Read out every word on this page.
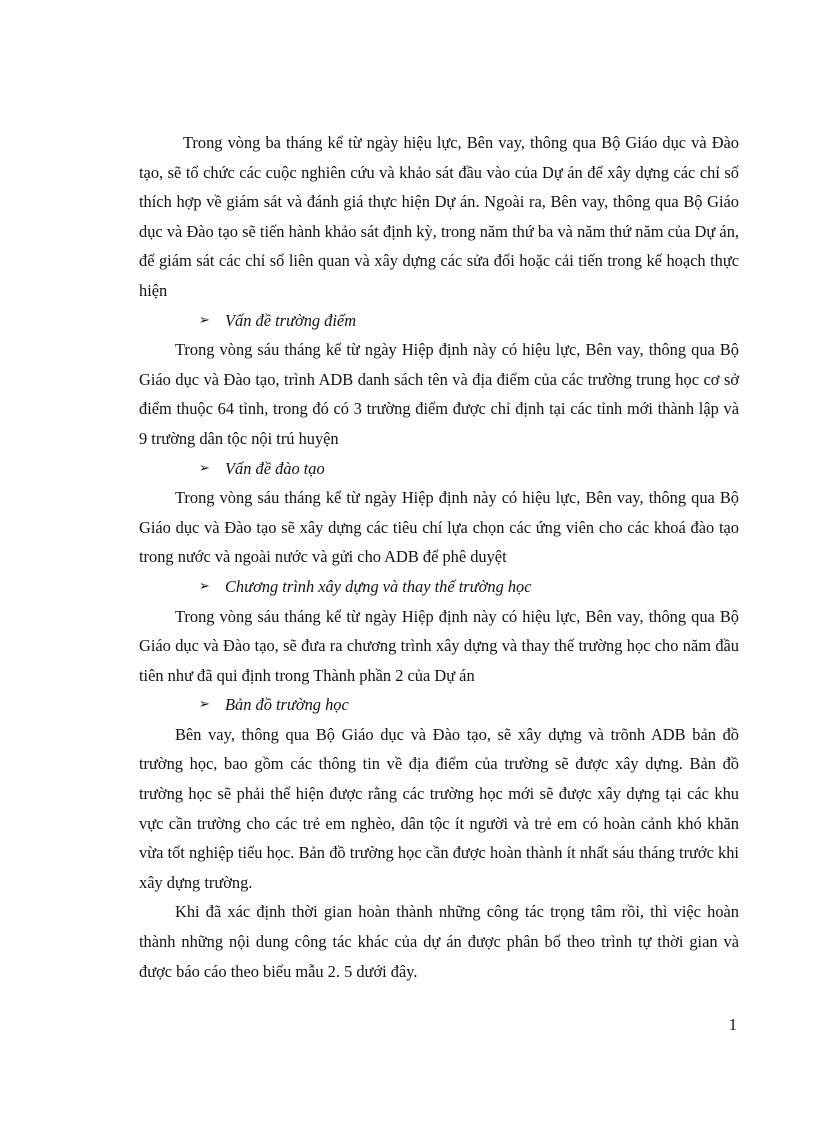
Trong vòng ba tháng kể từ ngày hiệu lực, Bên vay, thông qua Bộ Giáo dục và Đào tạo, sẽ tổ chức các cuộc nghiên cứu và khảo sát đầu vào của Dự án để xây dựng các chỉ số thích hợp về giám sát và đánh giá thực hiện Dự án. Ngoài ra, Bên vay, thông qua Bộ Giáo dục và Đào tạo sẽ tiến hành khảo sát định kỳ, trong năm thứ ba và năm thứ năm của Dự án, để giám sát các chỉ số liên quan và xây dựng các sửa đổi hoặc cải tiến trong kế hoạch thực hiện

➢ Vấn đề trường điểm

Trong vòng sáu tháng kể từ ngày Hiệp định này có hiệu lực, Bên vay, thông qua Bộ Giáo dục và Đào tạo, trình ADB danh sách tên và địa điểm của các trường trung học cơ sở điểm thuộc 64 tỉnh, trong đó có 3 trường điểm được chỉ định tại các tỉnh mới thành lập và 9 trường dân tộc nội trú huyện

➢ Vấn đề đào tạo

Trong vòng sáu tháng kể từ ngày Hiệp định này có hiệu lực, Bên vay, thông qua Bộ Giáo dục và Đào tạo sẽ xây dựng các tiêu chí lựa chọn các ứng viên cho các khoá đào tạo trong nước và ngoài nước và gửi cho ADB để phê duyệt

➢ Chương trình xây dựng và thay thế trường học

Trong vòng sáu tháng kể từ ngày Hiệp định này có hiệu lực, Bên vay, thông qua Bộ Giáo dục và Đào tạo, sẽ đưa ra chương trình xây dựng và thay thế trường học cho năm đầu tiên như đã qui định trong Thành phần 2 của Dự án

➢ Bản đồ trường học

Bên vay, thông qua Bộ Giáo dục và Đào tạo, sẽ xây dựng và trõnh ADB bản đồ trường học, bao gồm các thông tin về địa điểm của trường sẽ được xây dựng. Bản đồ trường học sẽ phải thể hiện được rằng các trường học mới sẽ được xây dựng tại các khu vực cần trường cho các trẻ em nghèo, dân tộc ít người và trẻ em có hoàn cảnh khó khăn vừa tốt nghiệp tiểu học. Bản đồ trường học cần được hoàn thành ít nhất sáu tháng trước khi xây dựng trường.

Khi đã xác định thời gian hoàn thành những công tác trọng tâm rồi, thì việc hoàn thành những nội dung công tác khác của dự án được phân bổ theo trình tự thời gian và được báo cáo theo biểu mẫu 2. 5 dưới đây.

1
